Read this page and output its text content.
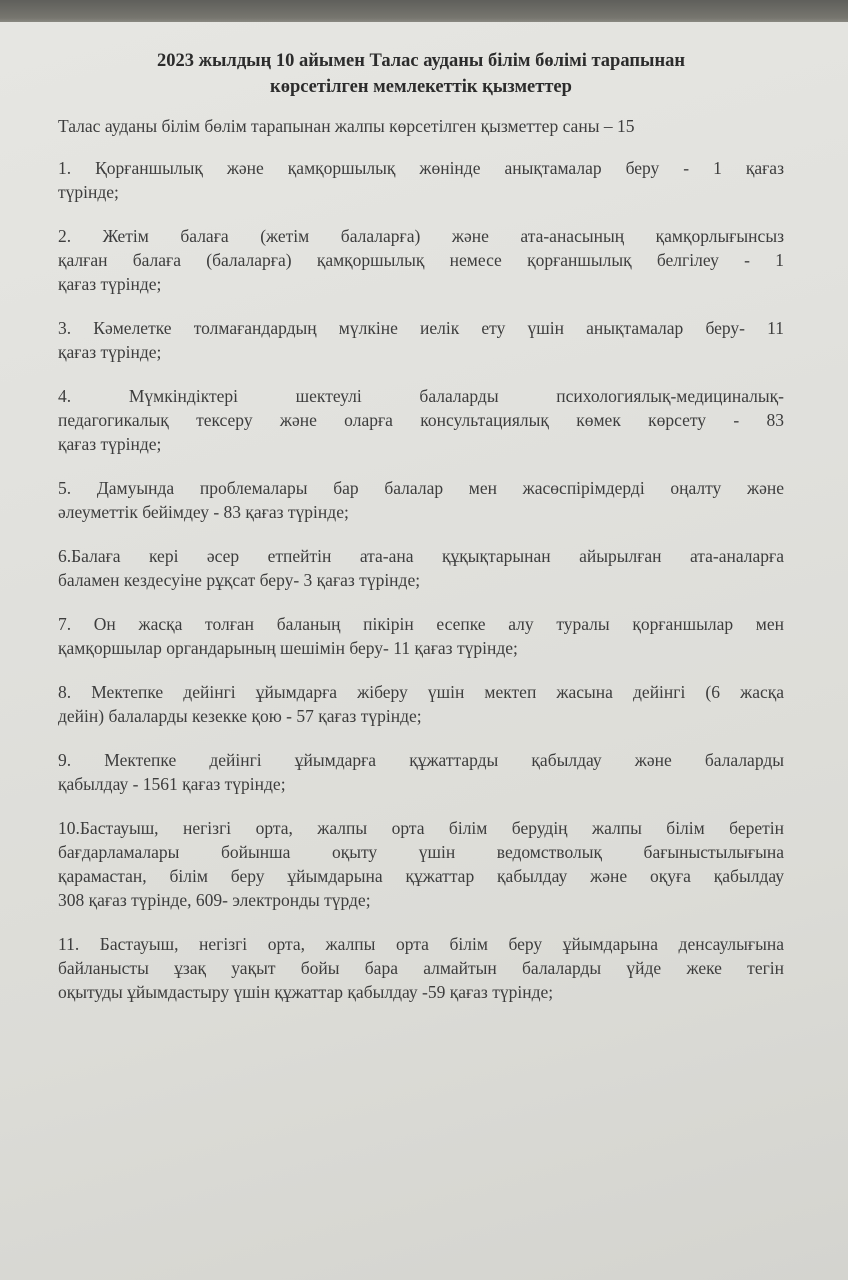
2023 жылдың 10 айымен Талас ауданы білім бөлімі тарапынан
көрсетілген мемлекеттік қызметтер
Талас ауданы білім бөлім тарапынан жалпы көрсетілген қызметтер саны – 15
1. Қорғаншылық және қамқоршылық жөнінде анықтамалар беру - 1 қағаз
түрінде;
2. Жетім балаға (жетім балаларға) және ата-анасының қамқорлығынсыз
қалған балаға (балаларға) қамқоршылық немесе қорғаншылық белгілеу - 1
қағаз түрінде;
3. Кәмелетке толмағандардың мүлкіне иелік ету үшін анықтамалар беру- 11
қағаз түрінде;
4. Мүмкіндіктері шектеулі балаларды психологиялық-медициналық-
педагогикалық тексеру және оларға консультациялық көмек көрсету - 83
қағаз түрінде;
5. Дамуында проблемалары бар балалар мен жасөспірімдерді оңалту және
әлеуметтік бейімдеу - 83 қағаз түрінде;
6.Балаға кері әсер етпейтін ата-ана құқықтарынан айырылған ата-аналарға
баламен кездесуіне рұқсат беру- 3 қағаз түрінде;
7. Он жасқа толған баланың пікірін есепке алу туралы қорғаншылар мен
қамқоршылар органдарының шешімін беру- 11 қағаз түрінде;
8. Мектепке дейінгі ұйымдарға жіберу үшін мектеп жасына дейінгі (6 жасқа
дейін) балаларды кезекке қою - 57 қағаз түрінде;
9. Мектепке дейінгі ұйымдарға құжаттарды қабылдау және балаларды
қабылдау - 1561 қағаз түрінде;
10.Бастауыш, негізгі орта, жалпы орта білім берудің жалпы білім беретін
бағдарламалары бойынша оқыту үшін ведомстволық бағыныстылығына
қарамастан, білім беру ұйымдарына құжаттар қабылдау және оқуға қабылдау
308 қағаз түрінде, 609- электронды түрде;
11. Бастауыш, негізгі орта, жалпы орта білім беру ұйымдарына денсаулығына
байланысты ұзақ уақыт бойы бара алмайтын балаларды үйде жеке тегін
оқытуды ұйымдастыру үшін құжаттар қабылдау -59 қағаз түрінде;
